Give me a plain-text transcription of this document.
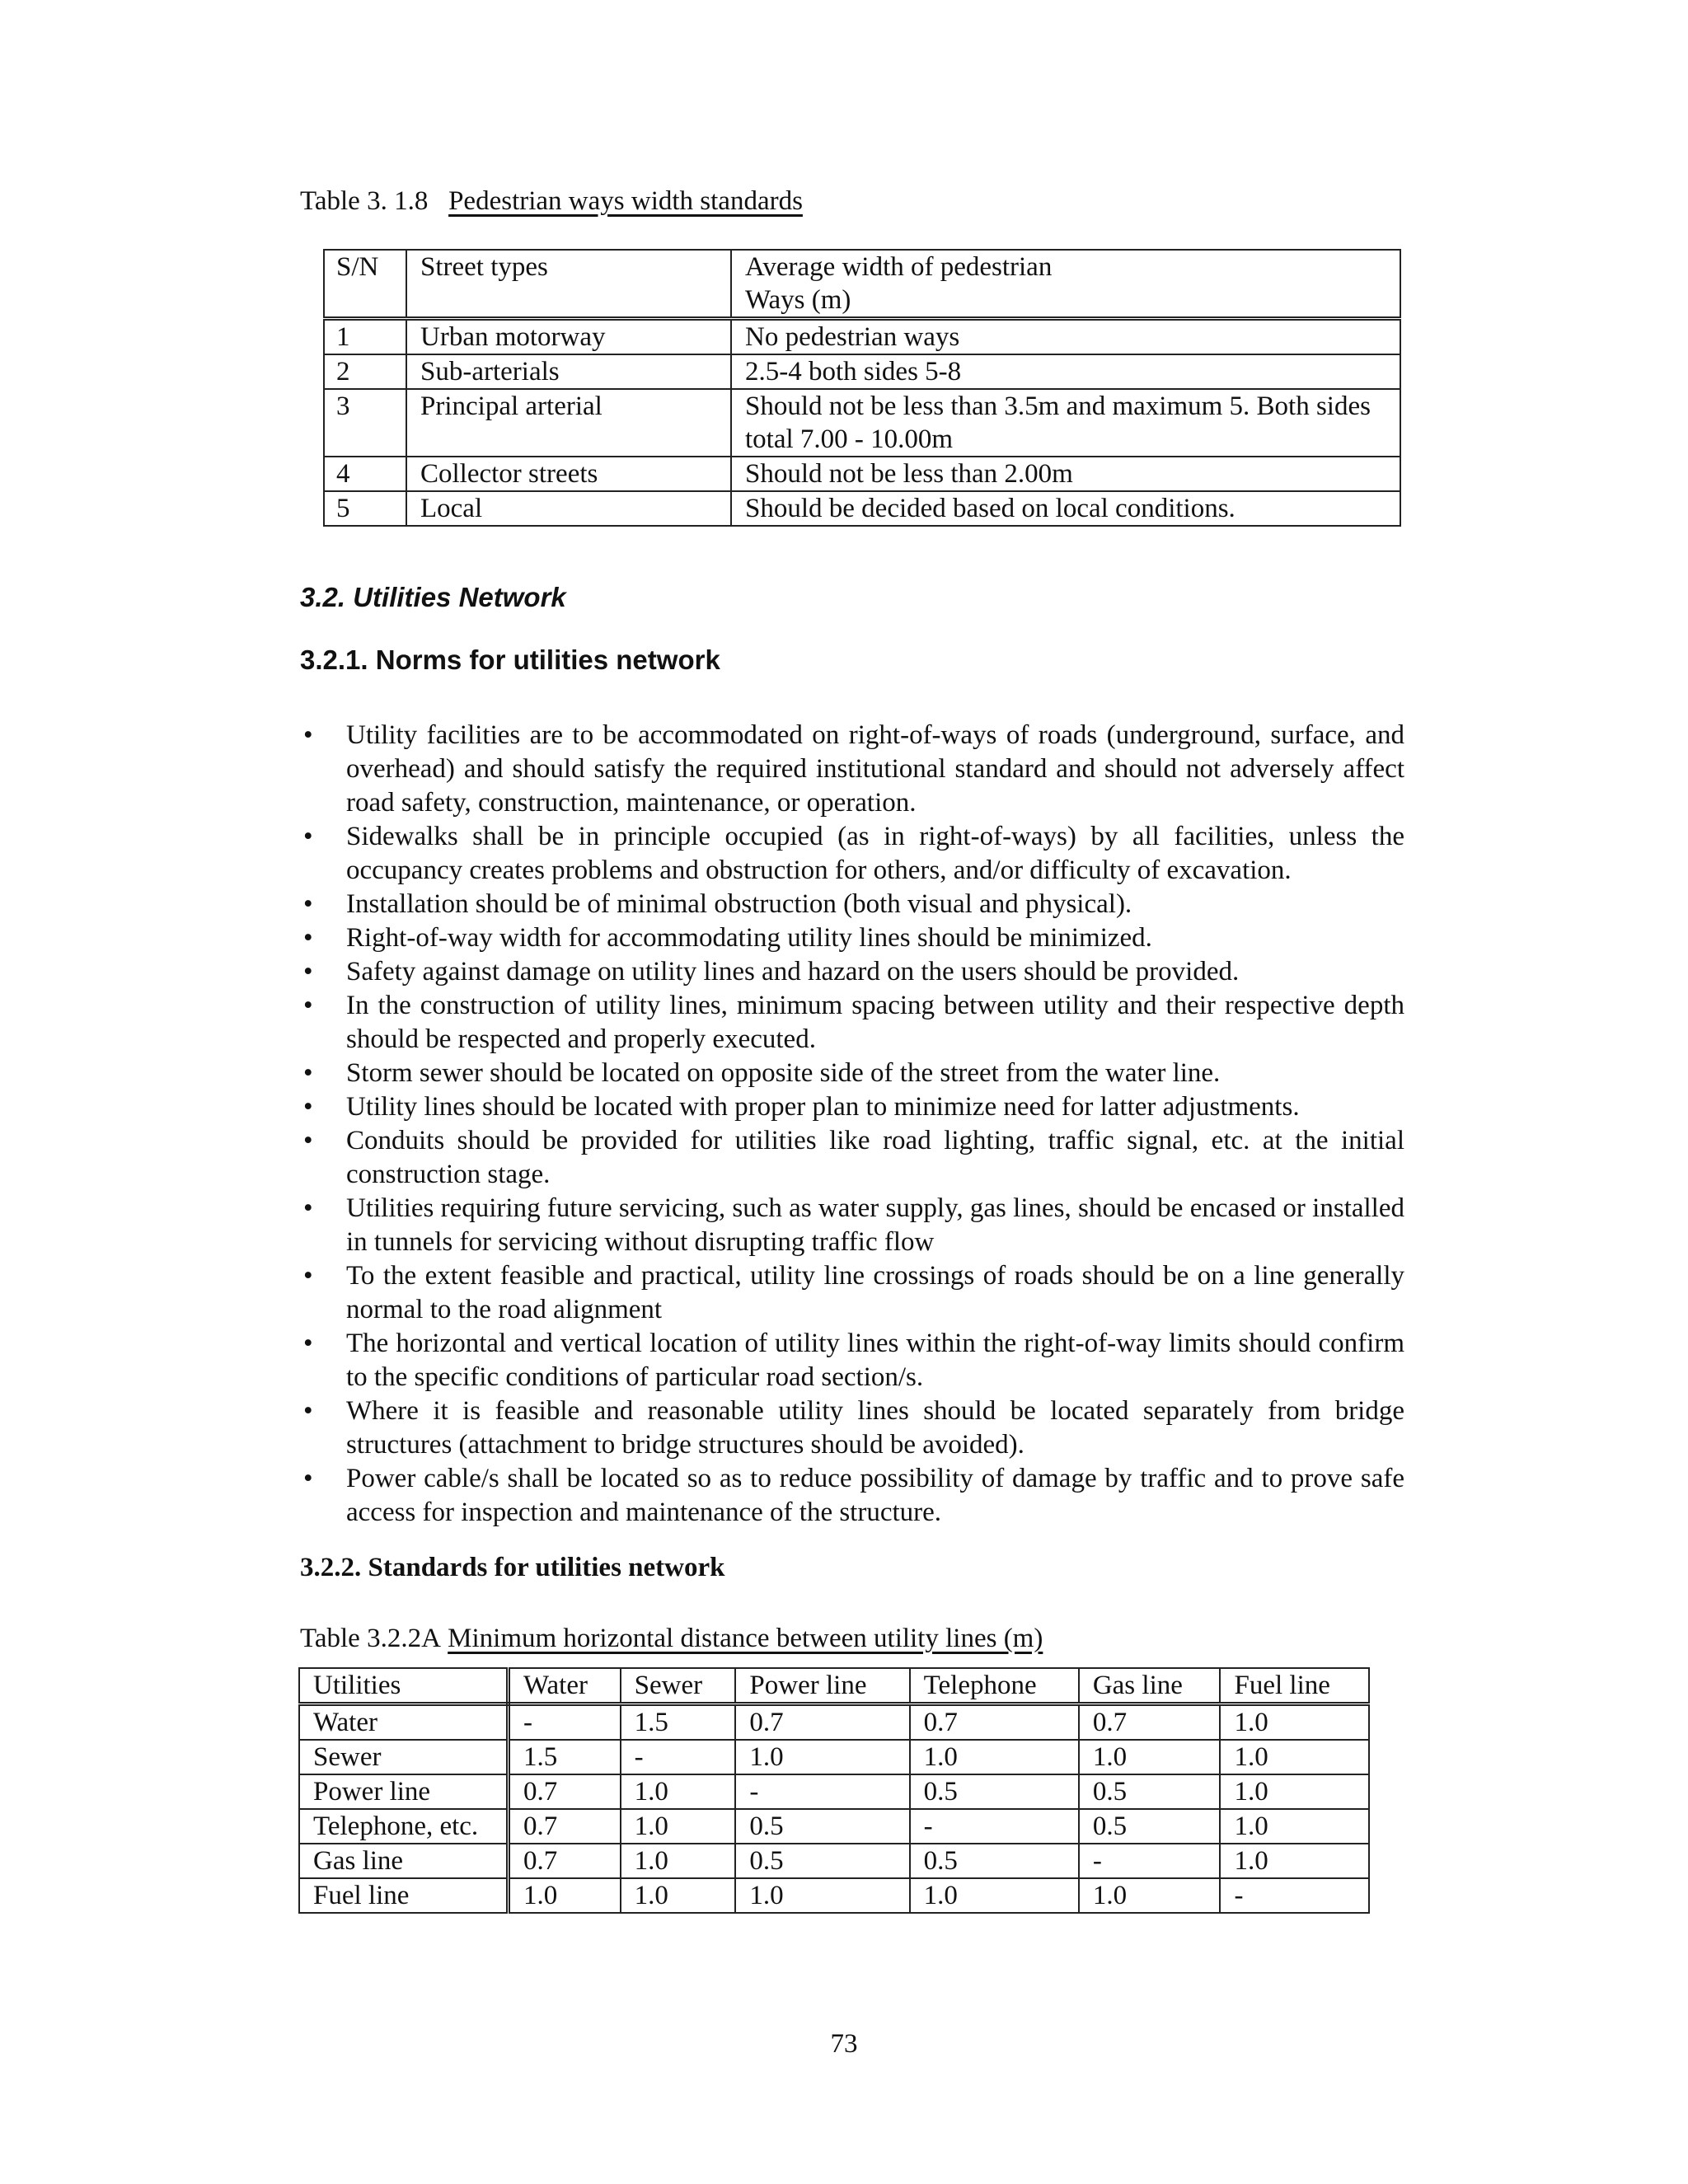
Table 3. 1.8 Pedestrian ways width standards
S/N	Street types	Average width of pedestrian
Ways (m)

1	Urban motorway	No pedestrian ways
2	Sub-arterials	2.5-4 both sides 5-8
3	Principal arterial	Should not be less than 3.5m and maximum 5. Both sides total 7.00 - 10.00m
4	Collector streets	Should not be less than 2.00m
5	Local	Should be decided based on local conditions.
3.2. Utilities Network
3.2.1. Norms for utilities network
• Utility facilities are to be accommodated on right-of-ways of roads (underground, surface, and overhead) and should satisfy the required institutional standard and should not adversely affect road safety, construction, maintenance, or operation.
• Sidewalks shall be in principle occupied (as in right-of-ways) by all facilities, unless the occupancy creates problems and obstruction for others, and/or difficulty of excavation.
• Installation should be of minimal obstruction (both visual and physical).
• Right-of-way width for accommodating utility lines should be minimized.
• Safety against damage on utility lines and hazard on the users should be provided.
• In the construction of utility lines, minimum spacing between utility and their respective depth should be respected and properly executed.
• Storm sewer should be located on opposite side of the street from the water line.
• Utility lines should be located with proper plan to minimize need for latter adjustments.
• Conduits should be provided for utilities like road lighting, traffic signal, etc. at the initial construction stage.
• Utilities requiring future servicing, such as water supply, gas lines, should be encased or installed in tunnels for servicing without disrupting traffic flow
• To the extent feasible and practical, utility line crossings of roads should be on a line generally normal to the road alignment
• The horizontal and vertical location of utility lines within the right-of-way limits should confirm to the specific conditions of particular road section/s.
• Where it is feasible and reasonable utility lines should be located separately from bridge structures (attachment to bridge structures should be avoided).
• Power cable/s shall be located so as to reduce possibility of damage by traffic and to prove safe access for inspection and maintenance of the structure.
3.2.2. Standards for utilities network
Table 3.2.2A Minimum horizontal distance between utility lines (m)
Utilities	Water	Sewer	Power line	Telephone	Gas line	Fuel line
Water	-	1.5	0.7	0.7	0.7	1.0
Sewer	1.5	-	1.0	1.0	1.0	1.0
Power line	0.7	1.0	-	0.5	0.5	1.0
Telephone, etc.	0.7	1.0	0.5	-	0.5	1.0
Gas line	0.7	1.0	0.5	0.5	-	1.0
Fuel line	1.0	1.0	1.0	1.0	1.0	-
73
